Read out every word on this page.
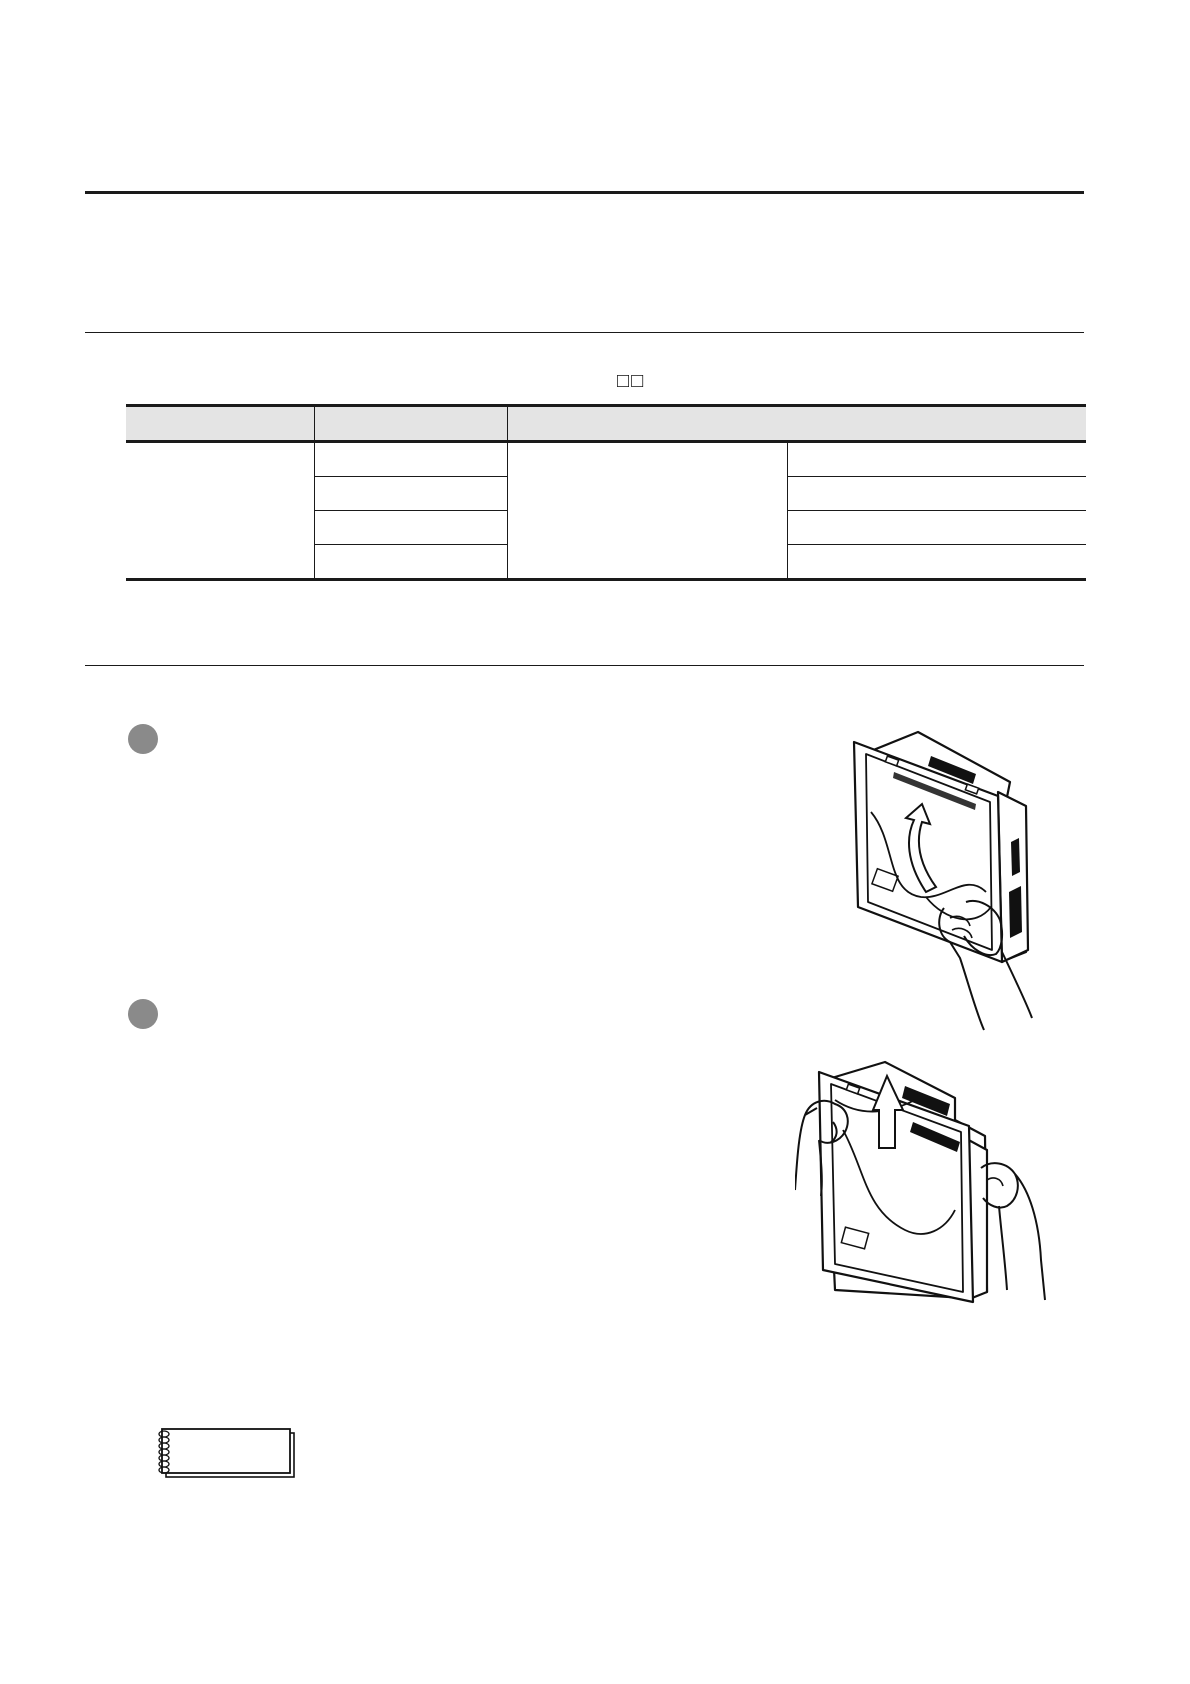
□□
